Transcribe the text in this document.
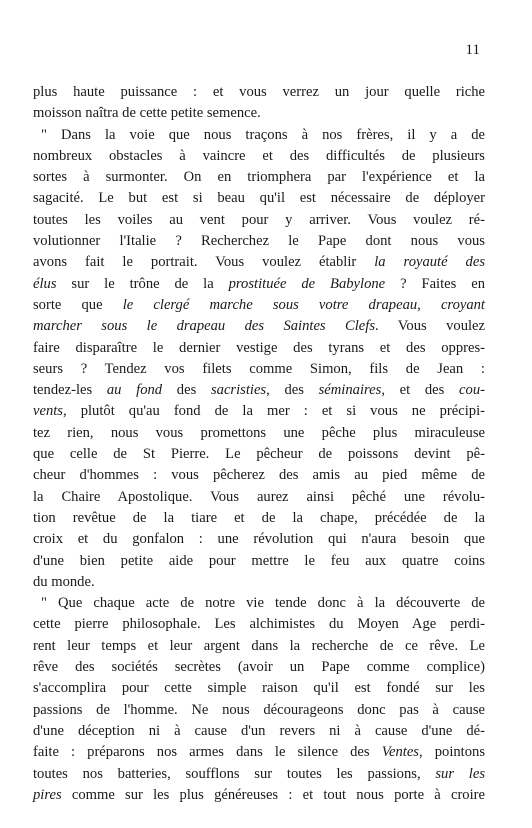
11
plus haute puissance : et vous verrez un jour quelle riche
moisson naîtra de cette petite semence.
" Dans la voie que nous traçons à nos frères, il y a de
nombreux obstacles à vaincre et des difficultés de plusieurs
sortes à surmonter. On en triomphera par l'expérience et la
sagacité. Le but est si beau qu'il est nécessaire de déployer
toutes les voiles au vent pour y arriver. Vous voulez ré-
volutionner l'Italie ? Recherchez le Pape dont nous vous
avons fait le portrait. Vous voulez établir la royauté des
élus sur le trône de la prostituée de Babylone ? Faites en
sorte que le clergé marche sous votre drapeau, croyant
marcher sous le drapeau des Saintes Clefs. Vous voulez
faire disparaître le dernier vestige des tyrans et des oppres-
seurs ? Tendez vos filets comme Simon, fils de Jean :
tendez-les au fond des sacristies, des séminaires, et des cou-
vents, plutôt qu'au fond de la mer : et si vous ne précipi-
tez rien, nous vous promettons une pêche plus miraculeuse
que celle de St Pierre. Le pêcheur de poissons devint pê-
cheur d'hommes : vous pêcherez des amis au pied même de
la Chaire Apostolique. Vous aurez ainsi pêché une révolu-
tion revêtue de la tiare et de la chape, précédée de la
croix et du gonfalon : une révolution qui n'aura besoin que
d'une bien petite aide pour mettre le feu aux quatre coins
du monde.
" Que chaque acte de notre vie tende donc à la découverte de
cette pierre philosophale. Les alchimistes du Moyen Age perdi-
rent leur temps et leur argent dans la recherche de ce rêve. Le
rêve des sociétés secrètes (avoir un Pape comme complice)
s'accomplira pour cette simple raison qu'il est fondé sur les
passions de l'homme. Ne nous décourageons donc pas à cause
d'une déception ni à cause d'un revers ni à cause d'une dé-
faite : préparons nos armes dans le silence des Ventes, pointons
toutes nos batteries, soufflons sur toutes les passions, sur les
pires comme sur les plus généreuses : et tout nous porte à croire
